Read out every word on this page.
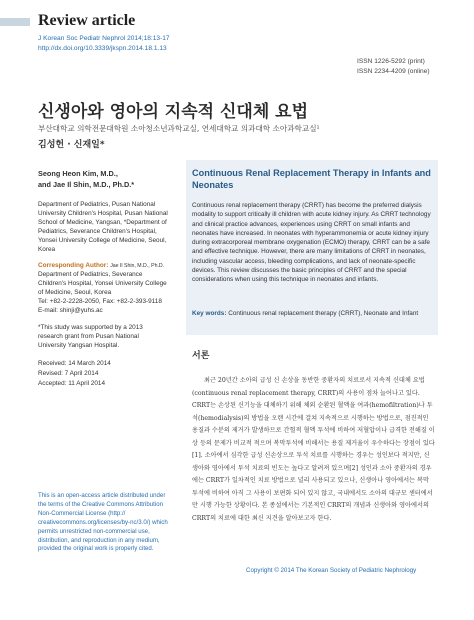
Review article
J Korean Soc Pediatr Nephrol 2014;18:13-17
http://dx.doi.org/10.3339/jkspn.2014.18.1.13
ISSN 1226-5292 (print)
ISSN 2234-4209 (online)
신생아와 영아의 지속적 신대체 요법
부산대학교 의학전문대학원 소아청소년과학교실, 연세대학교 의과대학 소아과학교실¹
김성헌 · 신재일*
Seong Heon Kim, M.D.,
and Jae Il Shin, M.D., Ph.D.*
Department of Pediatrics, Pusan National University Children's Hospital, Pusan National School of Medicine, Yangsan, *Department of Pediatrics, Severance Children's Hospital, Yonsei University College of Medicine, Seoul, Korea
Corresponding Author: Jae Il Shin, M.D., Ph.D.
Department of Pediatrics, Severance Children's Hospital, Yonsei University College of Medicine, Seoul, Korea
Tel: +82-2-2228-2050, Fax: +82-2-393-9118
E-mail: shinji@yuhs.ac
*This study was supported by a 2013 research grant from Pusan National University Yangsan Hospital.
Received: 14 March 2014
Revised: 7 April 2014
Accepted: 11 April 2014
This is an open-access article distributed under the terms of the Creative Commons Attribution Non-Commercial License (http:// creativecommons.org/licenses/by-nc/3.0/) which permits unrestricted non-commercial use, distribution, and reproduction in any medium, provided the original work is properly cited.
Continuous Renal Replacement Therapy in Infants and Neonates
Continuous renal replacement therapy (CRRT) has become the preferred dialysis modality to support critically ill children with acute kidney injury. As CRRT technology and clinical practice advances, experiences using CRRT on small infants and neonates have increased. In neonates with hyperammonemia or acute kidney injury during extracorporeal membrane oxygenation (ECMO) therapy, CRRT can be a safe and effective technique. However, there are many limitations of CRRT in neonates, including vascular access, bleeding complications, and lack of neonate-specific devices. This review discusses the basic principles of CRRT and the special considerations when using this technique in neonates and infants.
Key words: Continuous renal replacement therapy (CRRT), Neonate and Infant
서론
최근 20년간 소아의 급성 신 손상을 동반한 중환자의 치료로서 지속적 신대체 요법(continuous renal replacement therapy, CRRT)의 사용이 점차 늘어나고 있다. CRRT는 손상된 신기능을 대체하기 위해 체외 순환된 혈액을 여과(hemofiltration)나 투석(hemodialysis)의 방법을 오랜 시간에 걸쳐 지속적으로 시행하는 방법으로, 점진적인 용질과 수분의 제거가 발생하므로 간헐적 혈액 투석에 비하여 저혈압이나 급격한 전해질 이상 등의 문제가 비교적 적으며 복막투석에 비해서는 용질 제거율이 우수하다는 장점이 있다[1]. 소아에서 심각한 급성 신손상으로 투석 치료를 시행하는 경우는 성인보다 적지만, 신생아와 영아에서 투석 치료의 빈도는 높다고 알려져 있으며[2] 성인과 소아 중환자의 경우에는 CRRT가 일차적인 치료 방법으로 널리 사용되고 있으나, 신생아나 영아에서는 복막 투석에 비하여 아직 그 사용이 보편화 되어 있지 않고, 국내에서도 소아의 대규모 센터에서만 시행 가능한 상황이다. 본 종설에서는 기본적인 CRRT의 개념과 신생아와 영아에서의 CRRT의 치료에 대한 최신 지견을 알아보고자 한다.
Copyright © 2014 The Korean Society of Pediatric Nephrology
